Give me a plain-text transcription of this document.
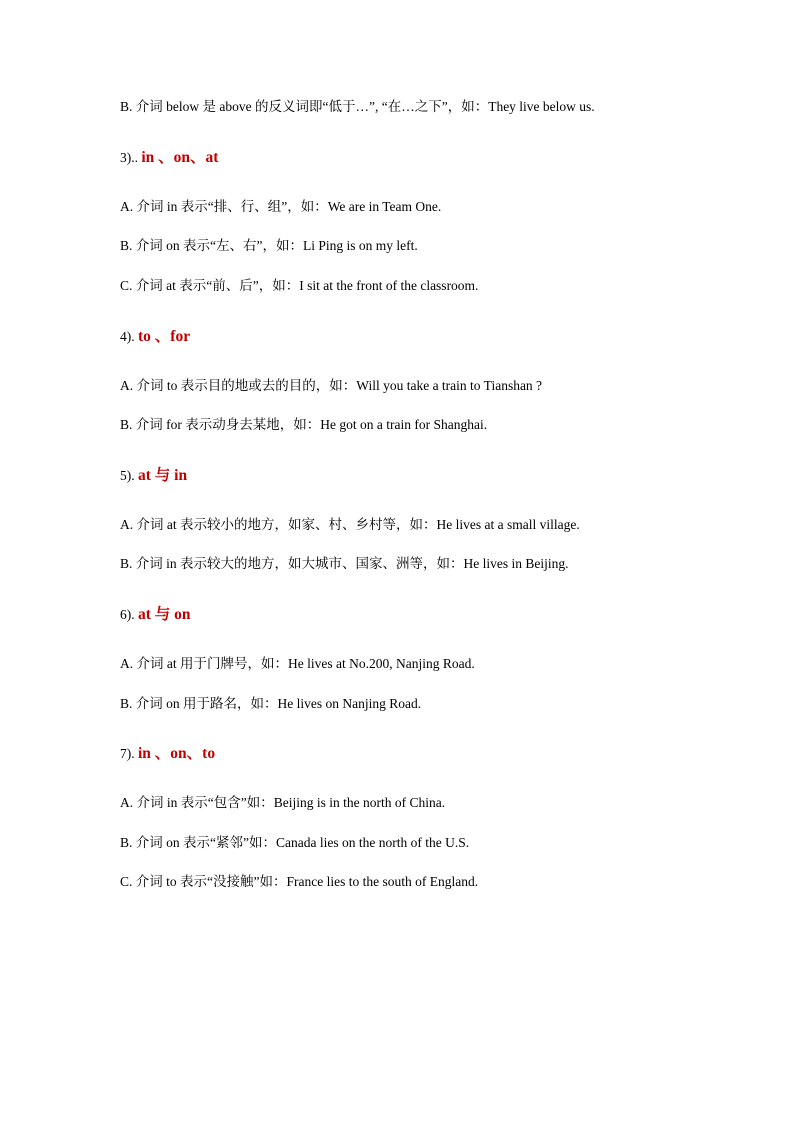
B. 介词 below 是 above 的反义词即“低于…”, “在…之下”，如：They live below us.
3).. in 、on、at
A. 介词 in 表示“排、行、组”，如：We are in Team One.
B. 介词 on 表示“左、右”，如：Li Ping is on my left.
C. 介词 at 表示“前、后”，如：I sit at the front of the classroom.
4). to 、for
A. 介词 to 表示目的地或去的目的，如：Will you take a train to Tianshan ?
B. 介词 for 表示动身去某地，如：He got on a train for Shanghai.
5). at 与 in
A. 介词 at 表示较小的地方，如家、村、乡村等，如：He lives at a small village.
B. 介词 in 表示较大的地方，如大城市、国家、洲等，如：He lives in Beijing.
6). at 与 on
A. 介词 at 用于门牌号，如：He lives at No.200, Nanjing Road.
B. 介词 on 用于路名，如：He lives on Nanjing Road.
7). in 、on、to
A. 介词 in 表示“包含”如：Beijing is in the north of China.
B. 介词 on 表示“紧邻”如：Canada lies on the north of the U.S.
C. 介词 to 表示“没接触”如：France lies to the south of England.
